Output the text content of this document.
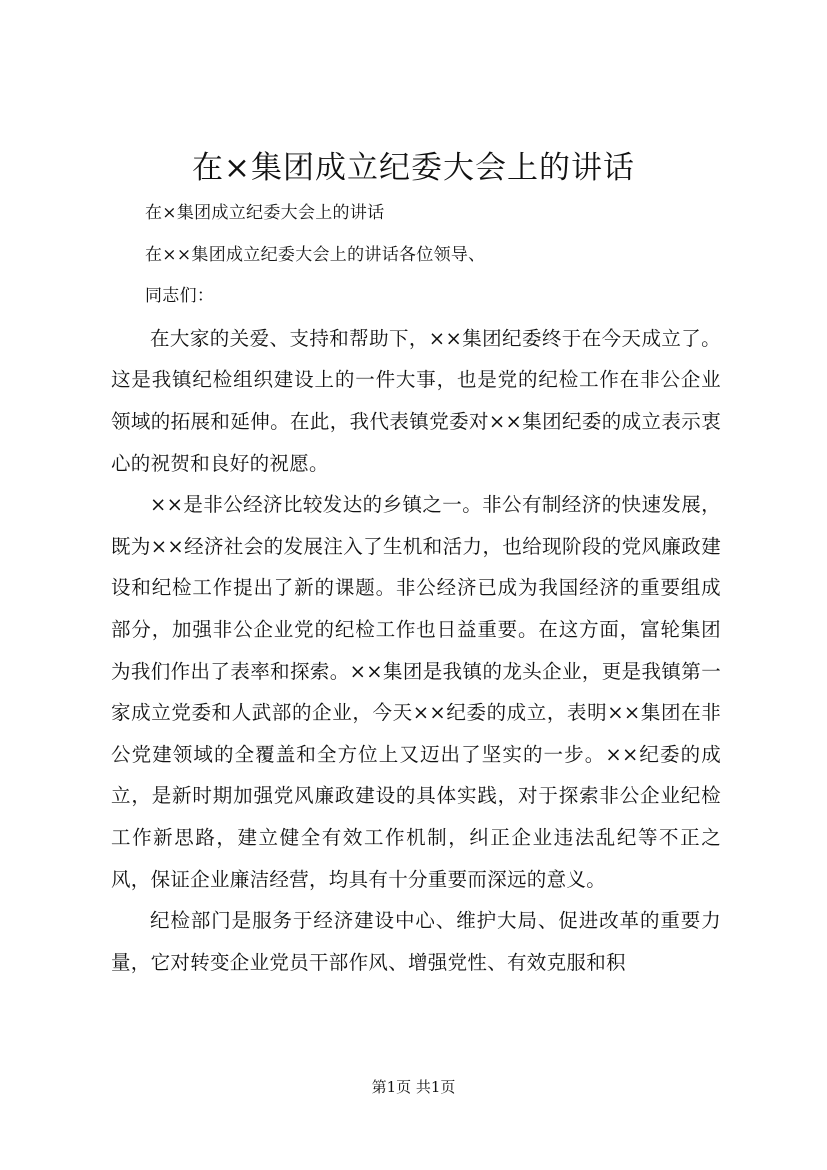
在×集团成立纪委大会上的讲话

在×集团成立纪委大会上的讲话

在××集团成立纪委大会上的讲话各位领导、

同志们：

在大家的关爱、支持和帮助下，××集团纪委终于在今天成立了。这是我镇纪检组织建设上的一件大事，也是党的纪检工作在非公企业领域的拓展和延伸。在此，我代表镇党委对××集团纪委的成立表示衷心的祝贺和良好的祝愿。

××是非公经济比较发达的乡镇之一。非公有制经济的快速发展，既为××经济社会的发展注入了生机和活力，也给现阶段的党风廉政建设和纪检工作提出了新的课题。非公经济已成为我国经济的重要组成部分，加强非公企业党的纪检工作也日益重要。在这方面，富轮集团为我们作出了表率和探索。××集团是我镇的龙头企业，更是我镇第一家成立党委和人武部的企业，今天××纪委的成立，表明××集团在非公党建领域的全覆盖和全方位上又迈出了坚实的一步。××纪委的成立，是新时期加强党风廉政建设的具体实践，对于探索非公企业纪检工作新思路，建立健全有效工作机制，纠正企业违法乱纪等不正之风，保证企业廉洁经营，均具有十分重要而深远的意义。

纪检部门是服务于经济建设中心、维护大局、促进改革的重要力量，它对转变企业党员干部作风、增强党性、有效克服和积

第1页 共1页
